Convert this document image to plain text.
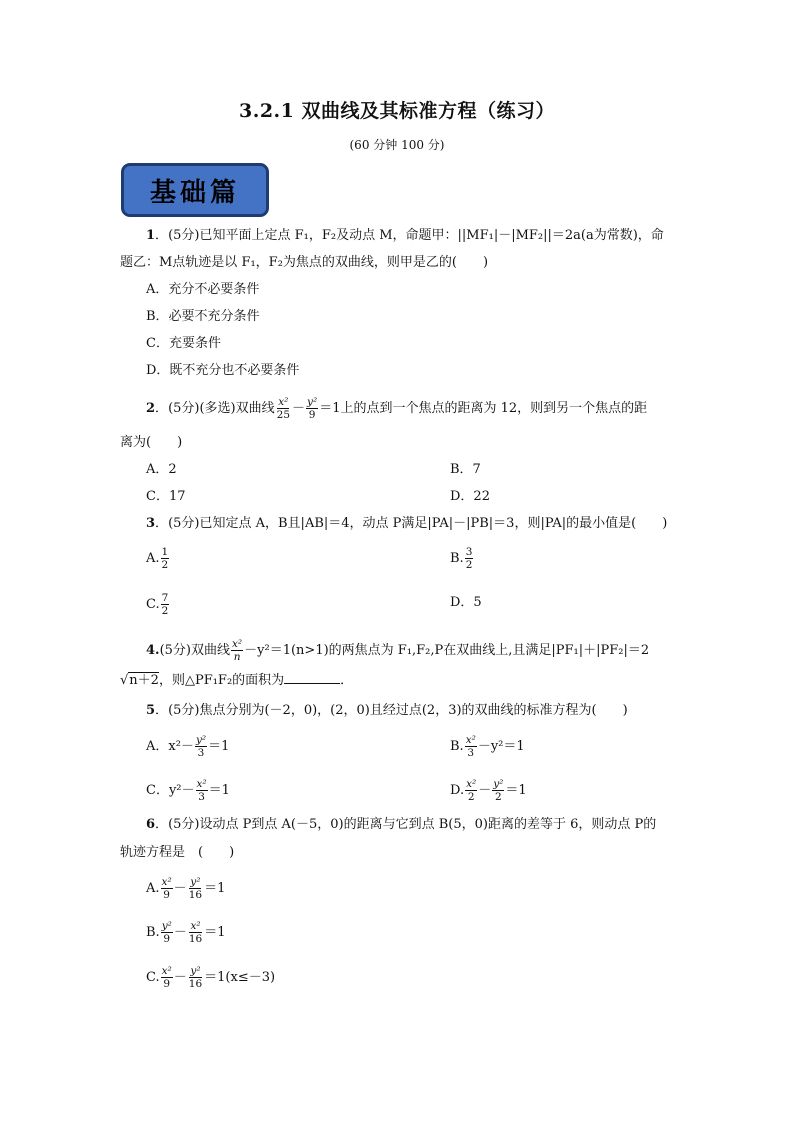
3.2.1 双曲线及其标准方程（练习）
(60 分钟 100 分)
基础篇
1．(5分)已知平面上定点 F₁，F₂及动点 M，命题甲：||MF₁|－|MF₂||＝2a(a为常数)，命
题乙：M点轨迹是以 F₁，F₂为焦点的双曲线，则甲是乙的(　　)
A．充分不必要条件
B．必要不充分条件
C．充要条件
D．既不充分也不必要条件
2．(5分)(多选)双曲线 $\frac{\text{x²}}{25} - \frac{\text{y²}}{9} =1$上的点到一个焦点的距离为 12，则到另一个焦点的距
离为(　　)
A．2	B．7
C．17	D．22
3．(5分)已知定点 A，B且|AB|＝4，动点 P满足|PA|－|PB|＝3，则|PA|的最小值是(　　)
A. $\frac{1}{2}$	B. $\frac{3}{2}$
C. $\frac{7}{2}$	D．5
4.(5分)双曲线 $\frac{\text{x²}}{n} -y^2=1(n>1)$的两焦点为 F₁,F₂,P在双曲线上,且满足|PF₁|＋|PF₂|＝2
√n＋2，则△PF₁F₂的面积为	．
5．(5分)焦点分别为(－2，0)，(2，0)且经过点(2，3)的双曲线的标准方程为(　　)
A．$x^2- \frac{\text{y²}}{3} =1$	B. $\frac{\text{x²}}{3} -y^2=1$
C．$y^2- \frac{\text{x²}}{3} =1$	D. $\frac{\text{x²}}{2} - \frac{\text{y²}}{2} =1$
6．(5分)设动点 P到点 A(－5，0)的距离与它到点 B(5，0)距离的差等于 6，则动点 P的
轨迹方程是　(　　)
A. $\frac{\text{x²}}{9} - \frac{\text{y²}}{16} =1$
B. $\frac{\text{y²}}{9} - \frac{\text{x²}}{16} =1$
C. $\frac{\text{x²}}{9} - \frac{\text{y²}}{16} =1(x\le-3)$
